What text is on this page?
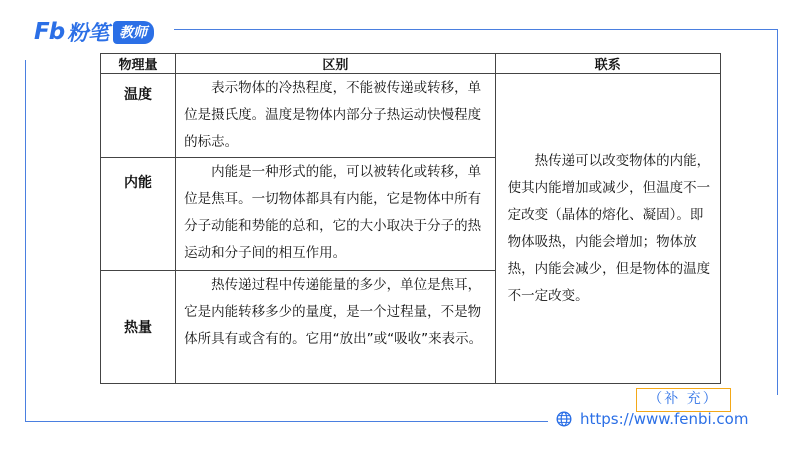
Fb 粉笔 教师
物理量	区别	联系
温度	表示物体的冷热程度，不能被传递或转移，单位是摄氏度。温度是物体内部分子热运动快慢程度的标志。	热传递可以改变物体的内能，使其内能增加或减少，但温度不一定改变（晶体的熔化、凝固）。即物体吸热，内能会增加；物体放热，内能会减少，但是物体的温度不一定改变。
内能	内能是一种形式的能，可以被转化或转移，单位是焦耳。一切物体都具有内能，它是物体中所有分子动能和势能的总和，它的大小取决于分子的热运动和分子间的相互作用。	
热量	热传递过程中传递能量的多少，单位是焦耳，它是内能转移多少的量度，是一个过程量，不是物体所具有或含有的。它用“放出”或“吸收”来表示。	
（补 充）
https://www.fenbi.com
